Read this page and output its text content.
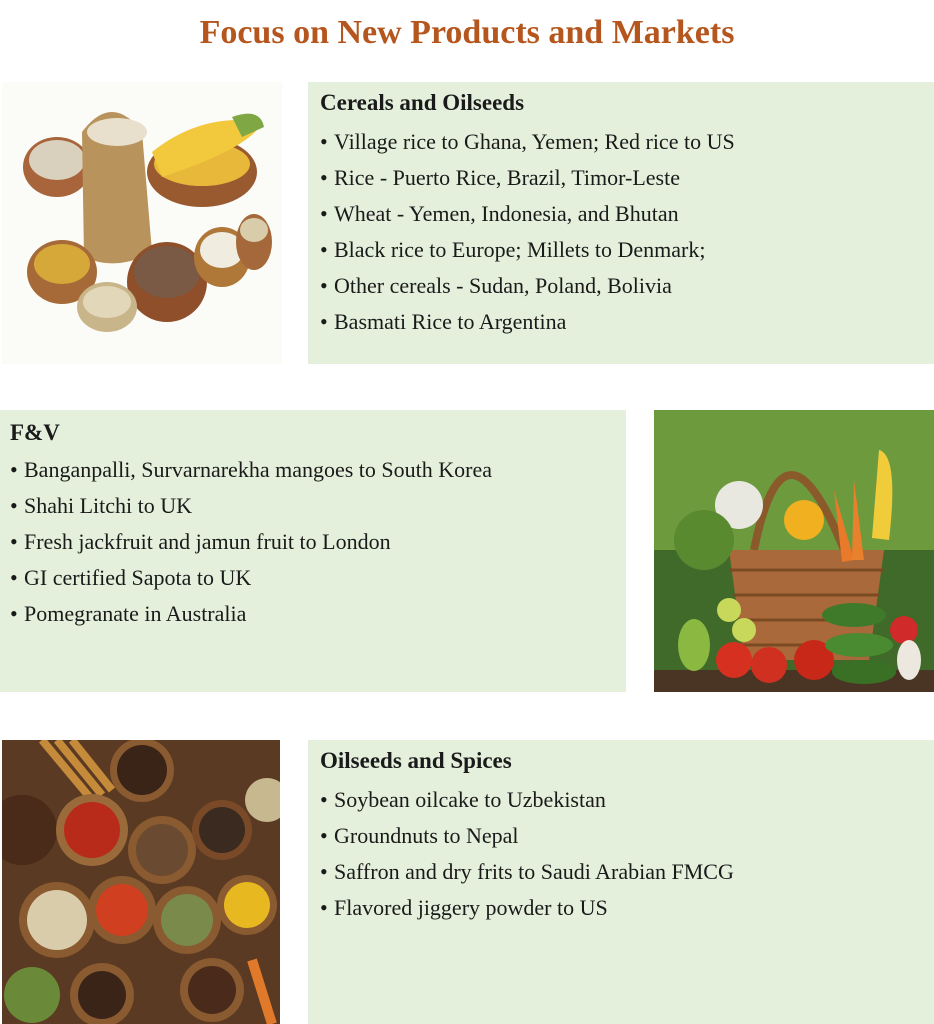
Focus on New Products and Markets
Cereals and Oilseeds
• Village rice to Ghana, Yemen; Red rice to US
• Rice - Puerto Rice, Brazil, Timor-Leste
• Wheat - Yemen, Indonesia, and Bhutan
• Black rice to Europe; Millets to Denmark;
• Other cereals - Sudan, Poland, Bolivia
• Basmati Rice to Argentina
F&V
• Banganpalli, Survarnarekha mangoes to South Korea
• Shahi Litchi to UK
• Fresh jackfruit and jamun fruit to London
• GI certified Sapota to UK
• Pomegranate in Australia
Oilseeds and Spices
• Soybean oilcake to Uzbekistan
• Groundnuts to Nepal
• Saffron and dry frits to Saudi Arabian FMCG
• Flavored jiggery powder to US
